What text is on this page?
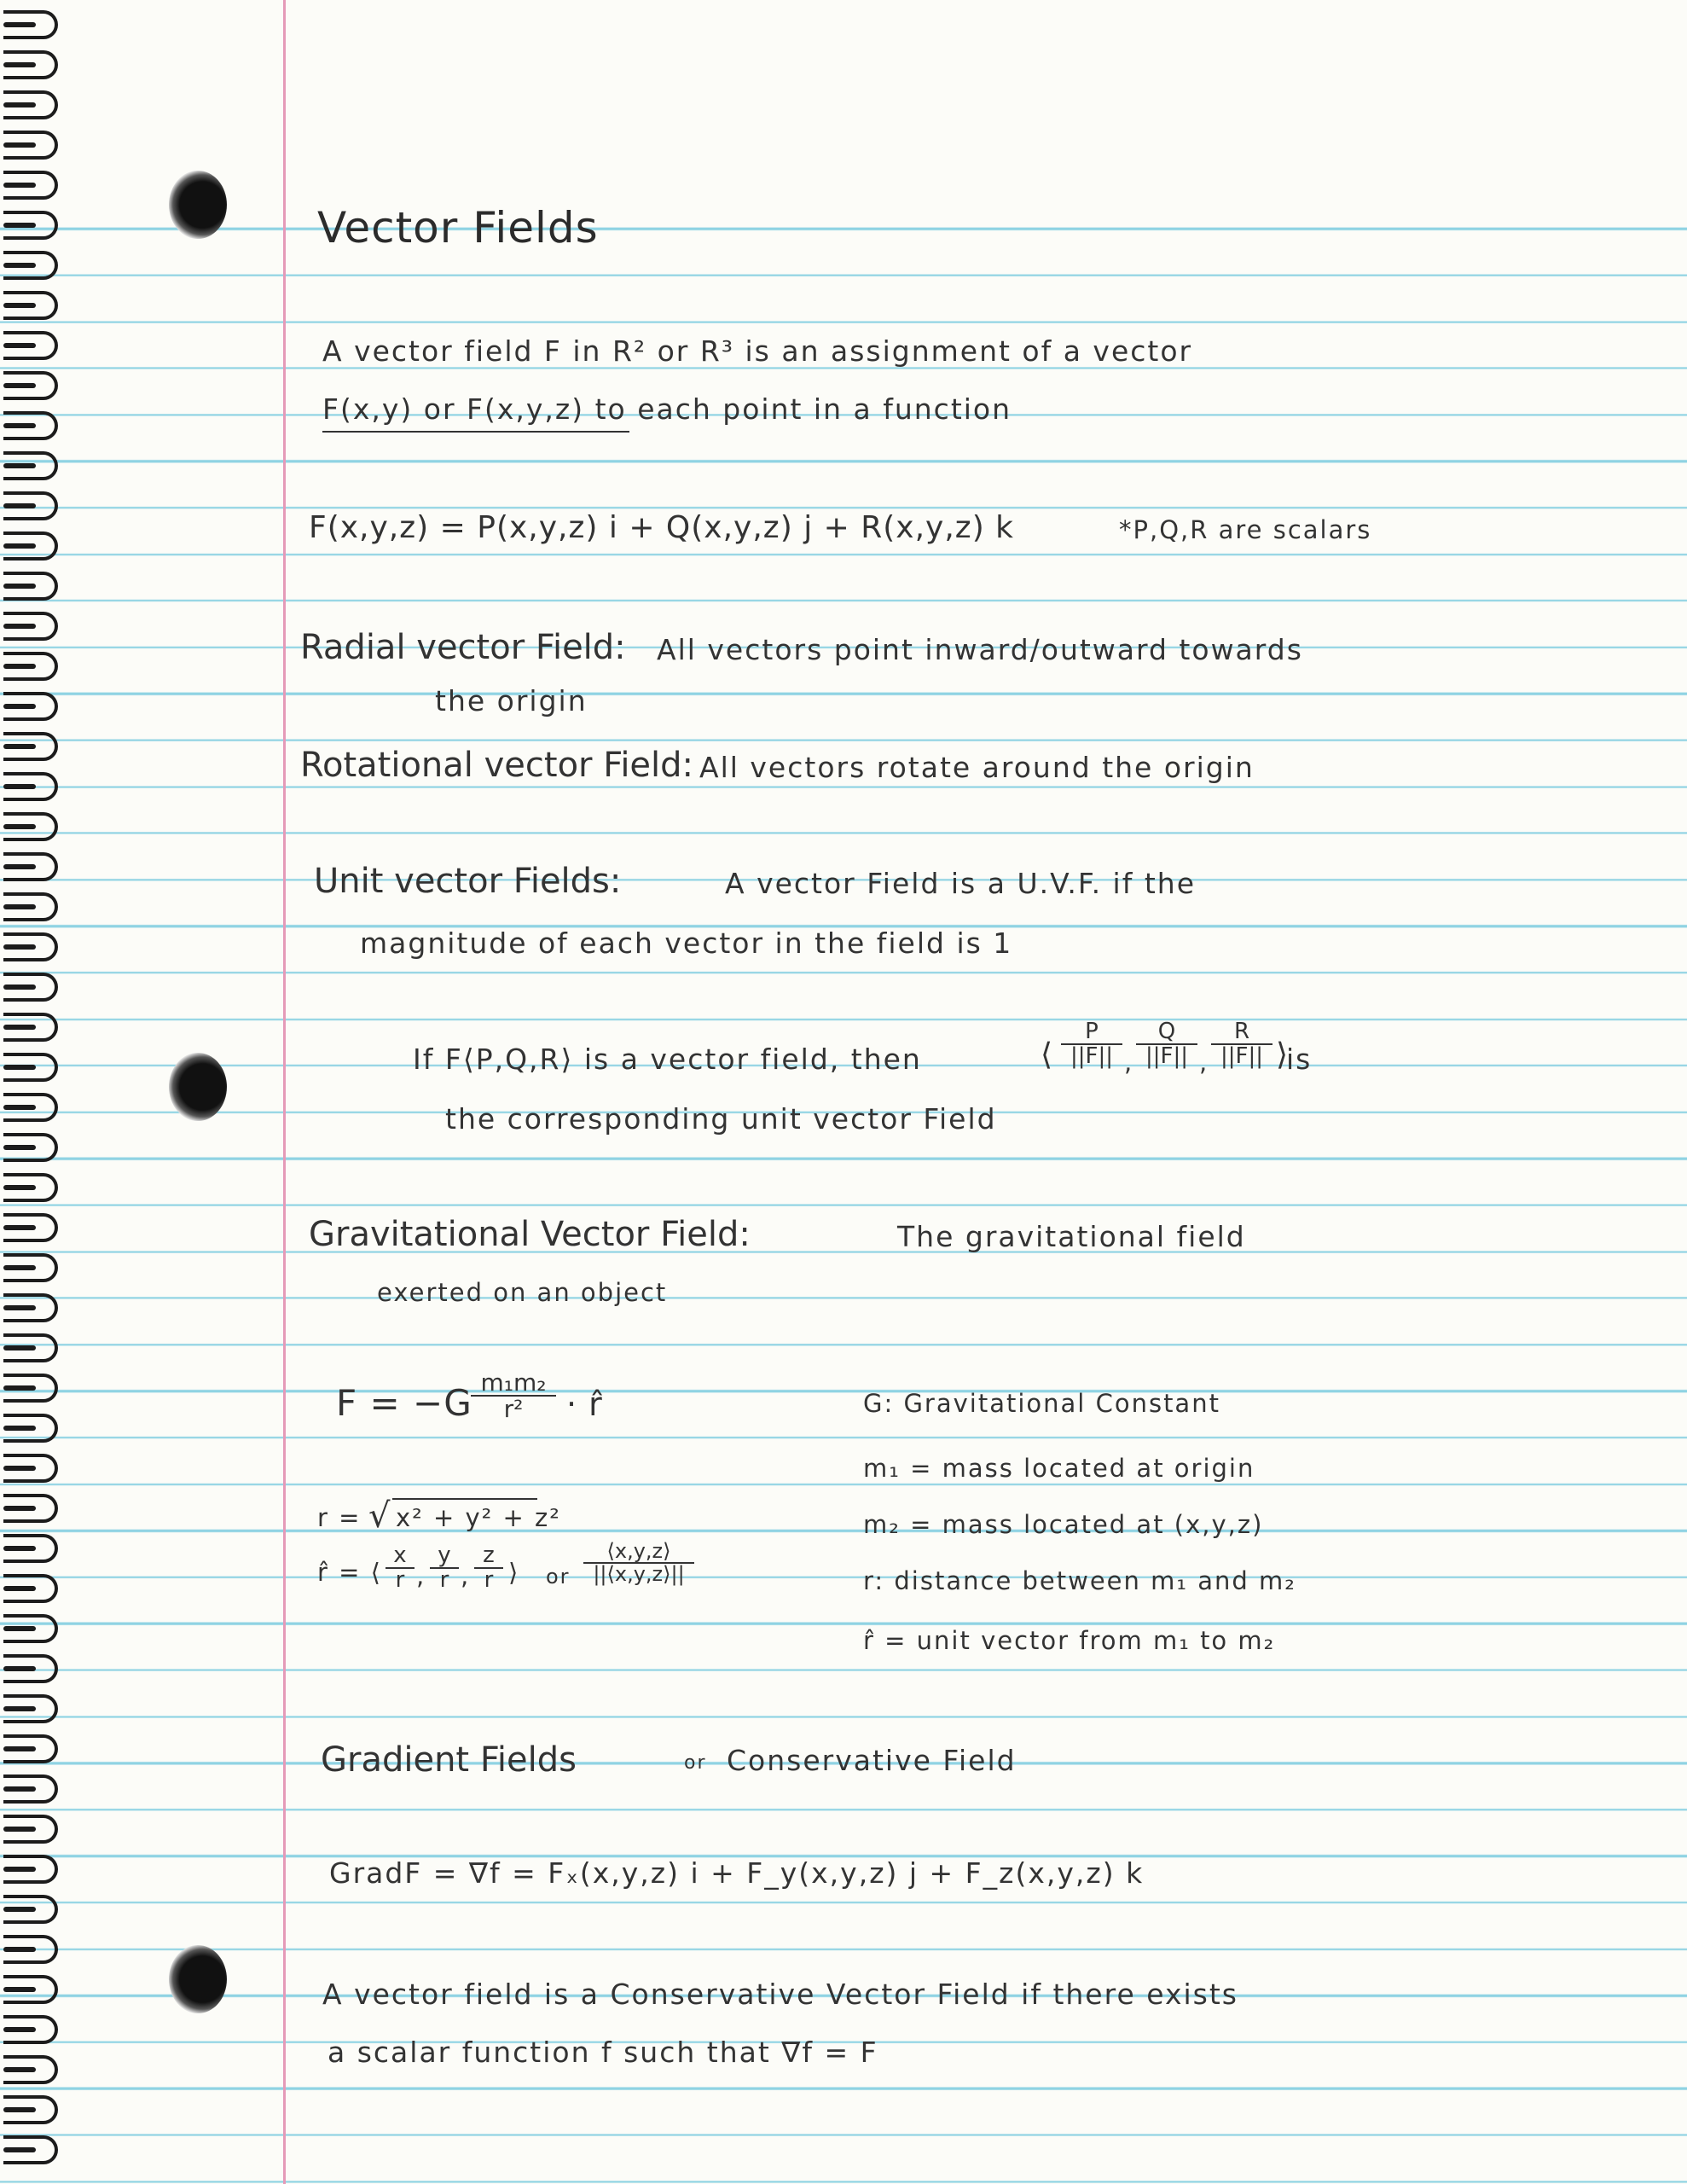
Vector Fields
A vector field F in R² or R³ is an assignment of a vector
F(x,y) or F(x,y,z) to each point in a function
F(x,y,z) = P(x,y,z) i + Q(x,y,z) j + R(x,y,z) k	*P,Q,R are scalars
Radial vector Field: All vectors point inward/outward towards
the origin
Rotational vector Field: All vectors rotate around the origin
Unit vector Fields:	A vector Field is a U.V.F. if the
magnitude of each vector in the field is 1
If F⟨P,Q,R⟩ is a vector field, then	⟨ $\frac{P}{||F||}$ , $\frac{Q}{||F||}$ , $\frac{R}{||F||}$ ⟩
is
the corresponding unit vector Field
Gravitational Vector Field:	The gravitational field
exerted on an object
F = −G
$\frac{\text{m₁m₂}}{\text{r²}}$ · r̂
r = √ x² + y² + z²
r̂ = ⟨ $\frac{x}{r}$ , $\frac{y}{r}$ , $\frac{z}{r}$ ⟩ or $\frac{⟨x,y,z⟩}{||⟨x,y,z⟩||}$
G: Gravitational Constant
m₁ = mass located at origin
m₂ = mass located at (x,y,z)
r: distance between m₁ and m₂
r̂ = unit vector from m₁ to m₂
Gradient Fields	or Conservative Field
GradF = ∇f = Fₓ(x,y,z) i + F_y(x,y,z) j + F_z(x,y,z) k
A vector field is a Conservative Vector Field if there exists
a scalar function f such that ∇f = F
